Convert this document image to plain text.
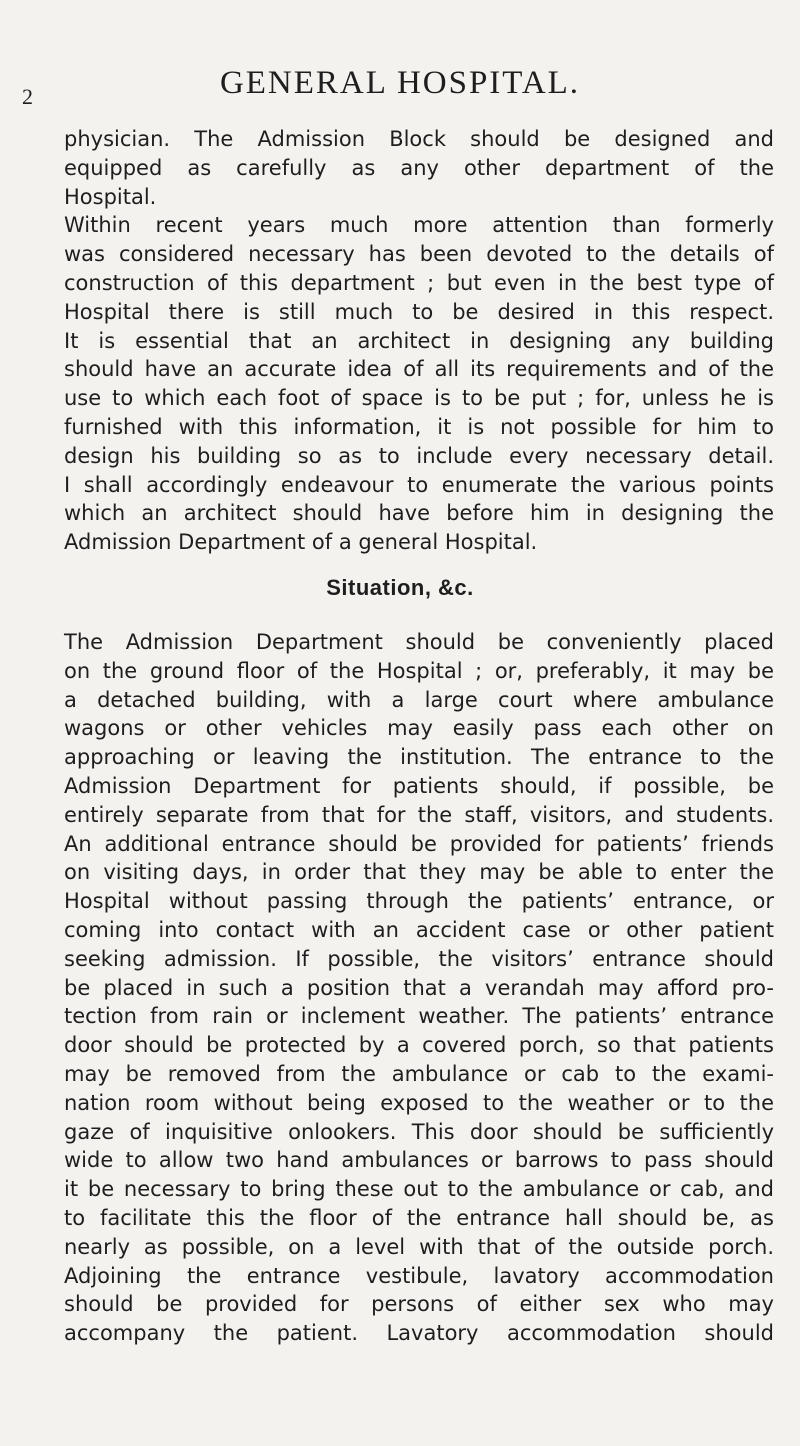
2	GENERAL HOSPITAL.
physician. The Admission Block should be designed and
equipped as carefully as any other department of the
Hospital.
Within recent years much more attention than formerly
was considered necessary has been devoted to the details of
construction of this department ; but even in the best type of
Hospital there is still much to be desired in this respect.
It is essential that an architect in designing any building
should have an accurate idea of all its requirements and of the
use to which each foot of space is to be put ; for, unless he is
furnished with this information, it is not possible for him to
design his building so as to include every necessary detail.
I shall accordingly endeavour to enumerate the various points
which an architect should have before him in designing the
Admission Department of a general Hospital.
Situation, &c.
The Admission Department should be conveniently placed
on the ground floor of the Hospital ; or, preferably, it may be
a detached building, with a large court where ambulance
wagons or other vehicles may easily pass each other on
approaching or leaving the institution. The entrance to the
Admission Department for patients should, if possible, be
entirely separate from that for the staff, visitors, and students.
An additional entrance should be provided for patients’ friends
on visiting days, in order that they may be able to enter the
Hospital without passing through the patients’ entrance, or
coming into contact with an accident case or other patient
seeking admission. If possible, the visitors’ entrance should
be placed in such a position that a verandah may afford pro-
tection from rain or inclement weather. The patients’ entrance
door should be protected by a covered porch, so that patients
may be removed from the ambulance or cab to the exami-
nation room without being exposed to the weather or to the
gaze of inquisitive onlookers. This door should be sufficiently
wide to allow two hand ambulances or barrows to pass should
it be necessary to bring these out to the ambulance or cab, and
to facilitate this the floor of the entrance hall should be, as
nearly as possible, on a level with that of the outside porch.
Adjoining the entrance vestibule, lavatory accommodation
should be provided for persons of either sex who may
accompany the patient. Lavatory accommodation should
